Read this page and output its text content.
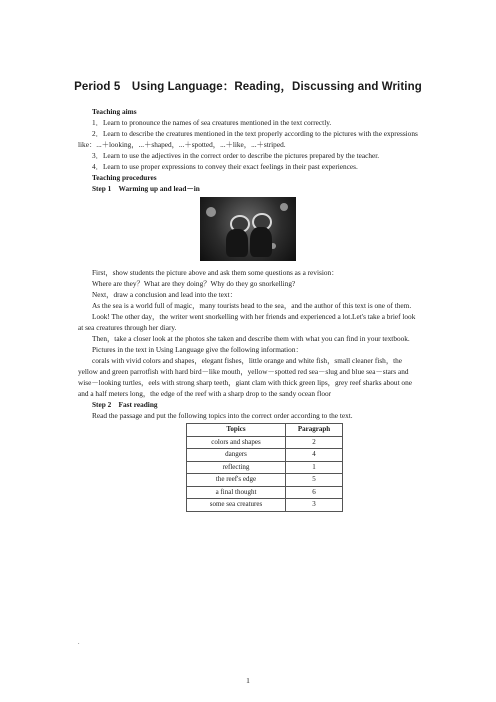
Period 5　Using Language：Reading，Discussing and Writing

Teaching aims

1．Learn to pronounce the names of sea creatures mentioned in the text correctly.

2．Learn to describe the creatures mentioned in the text properly according to the pictures with the expressions like：...＋looking，...＋shaped，...＋spotted，...＋like，...＋striped.

3．Learn to use the adjectives in the correct order to describe the pictures prepared by the teacher.

4．Learn to use proper expressions to convey their exact feelings in their past experiences.

Teaching procedures

Step 1　Warming up and lead－in

First，show students the picture above and ask them some questions as a revision：

Where are they？What are they doing？Why do they go snorkelling?

Next，draw a conclusion and lead into the text：

As the sea is a world full of magic，many tourists head to the sea，and the author of this text is one of them.

Look! The other day，the writer went snorkelling with her friends and experienced a lot.Let's take a brief look at sea creatures through her diary.

Then，take a closer look at the photos she taken and describe them with what you can find in your textbook.

Pictures in the text in Using Language give the following information：

corals with vivid colors and shapes，elegant fishes，little orange and white fish，small cleaner fish，the yellow and green parrotfish with hard bird－like mouth，yellow－spotted red sea－slug and blue sea－stars and wise－looking turtles，eels with strong sharp teeth，giant clam with thick green lips，grey reef sharks about one and a half meters long，the edge of the reef with a sharp drop to the sandy ocean floor

Step 2　Fast reading

Read the passage and put the following topics into the correct order according to the text.

Topics	Paragraph
colors and shapes	2
dangers	4
reflecting	1
the reef's edge	5
a final thought	6
some sea creatures	3
.
1
